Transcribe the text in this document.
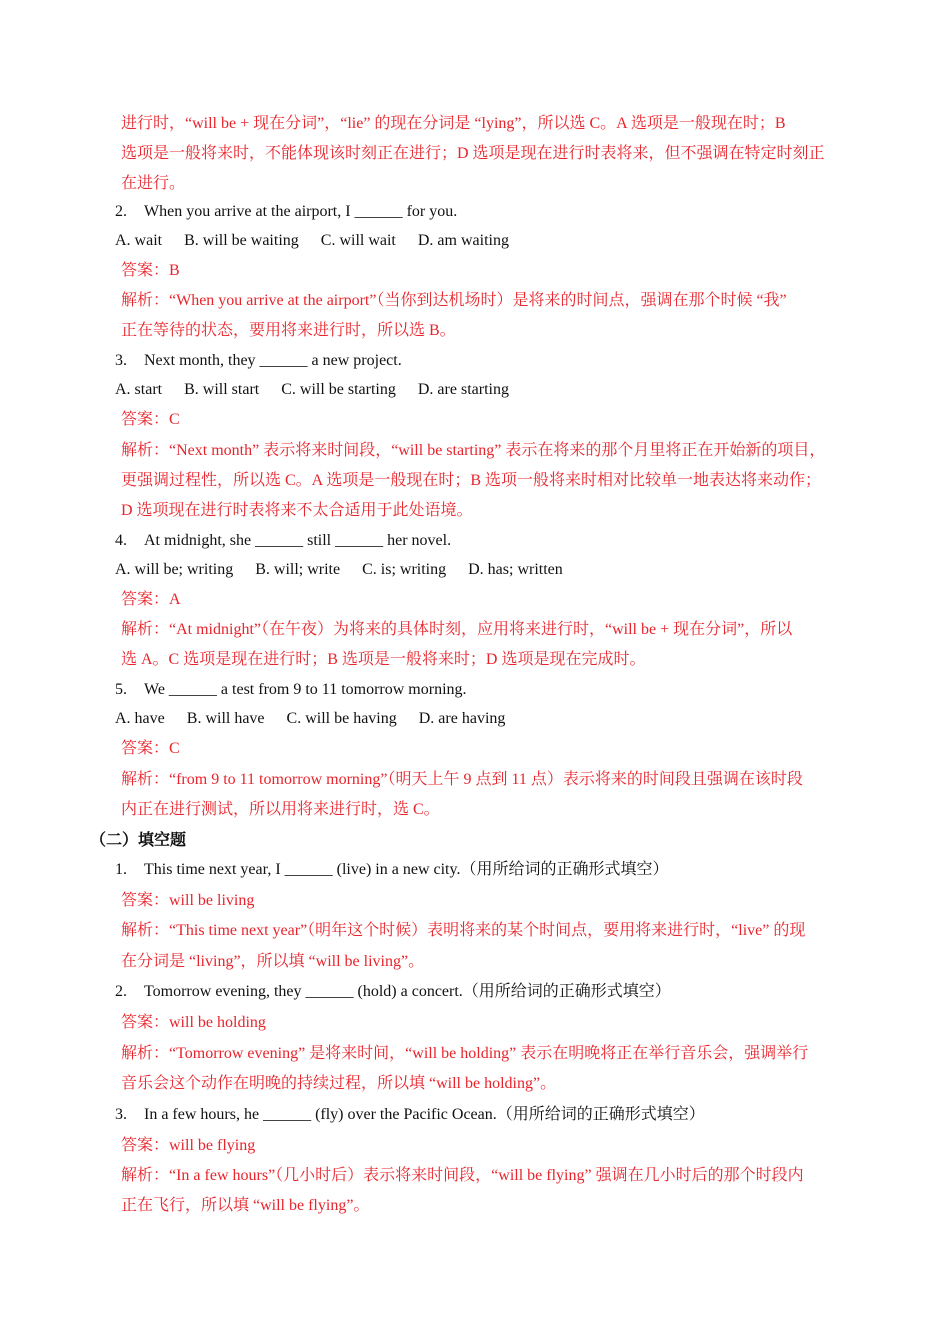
进行时，“will be + 现在分词”，“lie” 的现在分词是 “lying”，所以选 C。A 选项是一般现在时；B
选项是一般将来时，不能体现该时刻正在进行；D 选项是现在进行时表将来，但不强调在特定时刻正
在进行。
2. When you arrive at the airport, I ______ for you.
A. wait B. will be waiting C. will wait D. am waiting
答案：B
解析：“When you arrive at the airport”（当你到达机场时）是将来的时间点，强调在那个时候 “我”
正在等待的状态，要用将来进行时，所以选 B。
3. Next month, they ______ a new project.
A. start B. will start C. will be starting D. are starting
答案：C
解析：“Next month” 表示将来时间段，“will be starting” 表示在将来的那个月里将正在开始新的项目，
更强调过程性，所以选 C。A 选项是一般现在时；B 选项一般将来时相对比较单一地表达将来动作；
D 选项现在进行时表将来不太合适用于此处语境。
4. At midnight, she ______ still ______ her novel.
A. will be; writing B. will; write C. is; writing D. has; written
答案：A
解析：“At midnight”（在午夜）为将来的具体时刻，应用将来进行时，“will be + 现在分词”，所以
选 A。C 选项是现在进行时；B 选项是一般将来时；D 选项是现在完成时。
5. We ______ a test from 9 to 11 tomorrow morning.
A. have B. will have C. will be having D. are having
答案：C
解析：“from 9 to 11 tomorrow morning”（明天上午 9 点到 11 点）表示将来的时间段且强调在该时段
内正在进行测试，所以用将来进行时，选 C。
（二）填空题
1. This time next year, I ______ (live) in a new city.（用所给词的正确形式填空）
答案：will be living
解析：“This time next year”（明年这个时候）表明将来的某个时间点，要用将来进行时，“live” 的现
在分词是 “living”，所以填 “will be living”。
2. Tomorrow evening, they ______ (hold) a concert.（用所给词的正确形式填空）
答案：will be holding
解析：“Tomorrow evening” 是将来时间，“will be holding” 表示在明晚将正在举行音乐会，强调举行
音乐会这个动作在明晚的持续过程，所以填 “will be holding”。
3. In a few hours, he ______ (fly) over the Pacific Ocean.（用所给词的正确形式填空）
答案：will be flying
解析：“In a few hours”（几小时后）表示将来时间段，“will be flying” 强调在几小时后的那个时段内
正在飞行，所以填 “will be flying”。
